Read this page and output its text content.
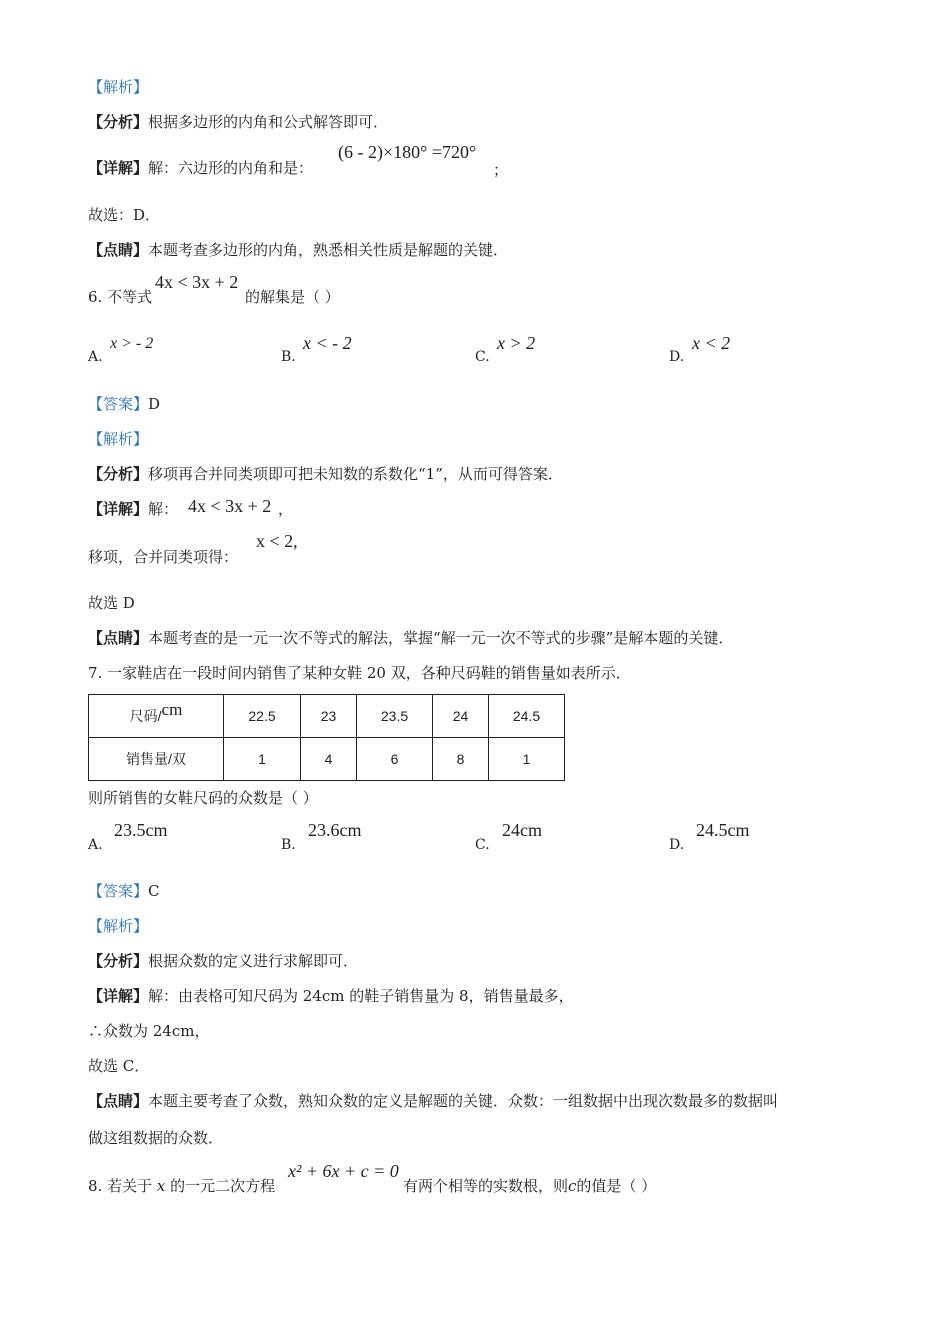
【解析】
【分析】根据多边形的内角和公式解答即可．
【详解】解：六边形的内角和是：
(6 - 2)×180° =720°
；
故选：D．
【点睛】本题考查多边形的内角，熟悉相关性质是解题的关键．
6. 不等式
4x < 3x + 2
的解集是（ ）
A.
x > - 2
B.
x < - 2
C.
x > 2
D.
x < 2
【答案】D
【解析】
【分析】移项再合并同类项即可把未知数的系数化“1”，从而可得答案．
【详解】解： 4x < 3x + 2 ，
移项，合并同类项得：
x < 2,
故选 D
【点睛】本题考查的是一元一次不等式的解法，掌握“解一元一次不等式的步骤”是解本题的关键．
7. 一家鞋店在一段时间内销售了某种女鞋 20 双，各种尺码鞋的销售量如表所示．
尺码/cm	22.5	23	23.5	24	24.5
销售量/双	1	4	6	8	1
则所销售的女鞋尺码的众数是（ ）
A.
23.5cm
B.
23.6cm
C.
24cm
D.
24.5cm
【答案】C
【解析】
【分析】根据众数的定义进行求解即可．
【详解】解：由表格可知尺码为 24cm 的鞋子销售量为 8，销售量最多，
∴众数为 24cm，
故选 C．
【点睛】本题主要考查了众数，熟知众数的定义是解题的关键．众数：一组数据中出现次数最多的数据叫
做这组数据的众数．
8. 若关于 x 的一元二次方程
x² + 6x + c = 0
有两个相等的实数根，则c的值是（ ）
